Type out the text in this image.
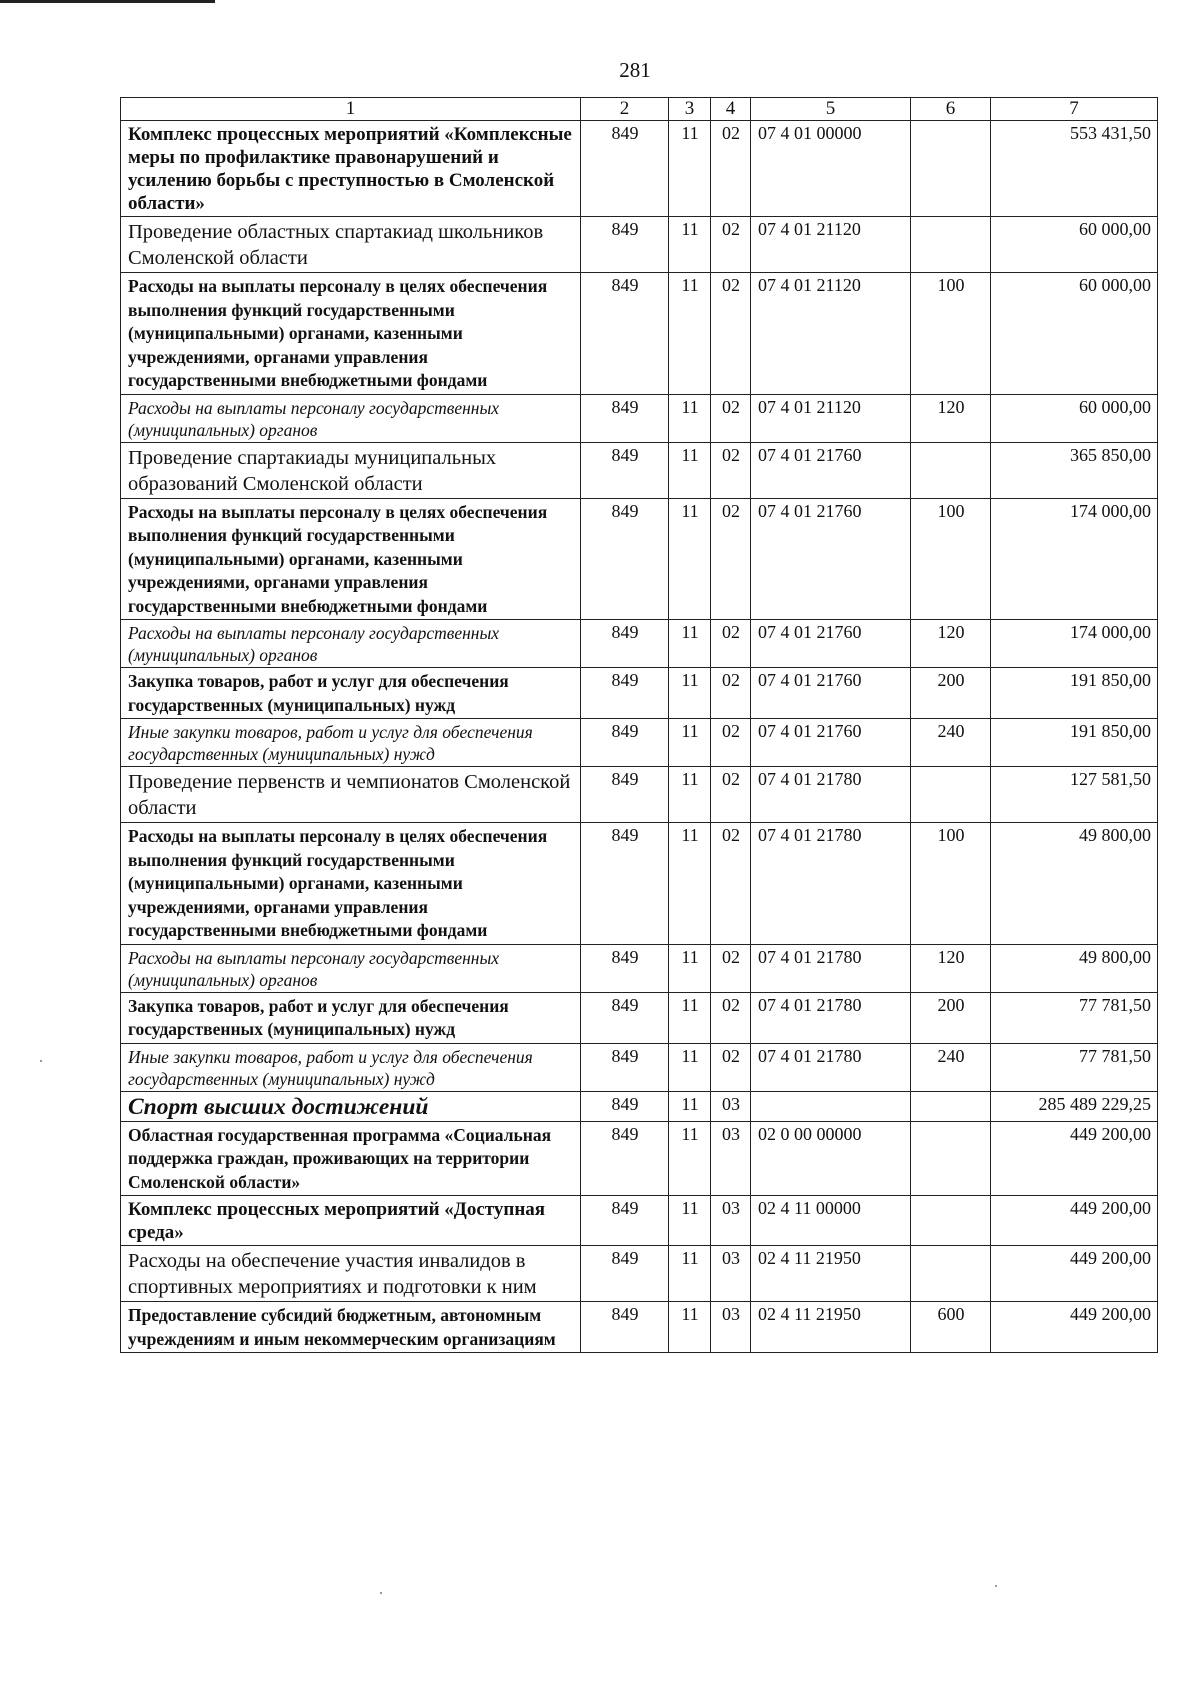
281
1	2	3	4	5	6	7
Комплекс процессных мероприятий «Комплексные меры по профилактике правонарушений и усилению борьбы с преступностью в Смоленской области»	849	11	02	07 4 01 00000		553 431,50
Проведение областных спартакиад школьников Смоленской области	849	11	02	07 4 01 21120		60 000,00
Расходы на выплаты персоналу в целях обеспечения выполнения функций государственными (муниципальными) органами, казенными учреждениями, органами управления государственными внебюджетными фондами	849	11	02	07 4 01 21120	100	60 000,00
Расходы на выплаты персоналу государственных (муниципальных) органов	849	11	02	07 4 01 21120	120	60 000,00
Проведение спартакиады муниципальных образований Смоленской области	849	11	02	07 4 01 21760		365 850,00
Расходы на выплаты персоналу в целях обеспечения выполнения функций государственными (муниципальными) органами, казенными учреждениями, органами управления государственными внебюджетными фондами	849	11	02	07 4 01 21760	100	174 000,00
Расходы на выплаты персоналу государственных (муниципальных) органов	849	11	02	07 4 01 21760	120	174 000,00
Закупка товаров, работ и услуг для обеспечения государственных (муниципальных) нужд	849	11	02	07 4 01 21760	200	191 850,00
Иные закупки товаров, работ и услуг для обеспечения государственных (муниципальных) нужд	849	11	02	07 4 01 21760	240	191 850,00
Проведение первенств и чемпионатов Смоленской области	849	11	02	07 4 01 21780		127 581,50
Расходы на выплаты персоналу в целях обеспечения выполнения функций государственными (муниципальными) органами, казенными учреждениями, органами управления государственными внебюджетными фондами	849	11	02	07 4 01 21780	100	49 800,00
Расходы на выплаты персоналу государственных (муниципальных) органов	849	11	02	07 4 01 21780	120	49 800,00
Закупка товаров, работ и услуг для обеспечения государственных (муниципальных) нужд	849	11	02	07 4 01 21780	200	77 781,50
Иные закупки товаров, работ и услуг для обеспечения государственных (муниципальных) нужд	849	11	02	07 4 01 21780	240	77 781,50
Спорт высших достижений	849	11	03			285 489 229,25
Областная государственная программа «Социальная поддержка граждан, проживающих на территории Смоленской области»	849	11	03	02 0 00 00000		449 200,00
Комплекс процессных мероприятий «Доступная среда»	849	11	03	02 4 11 00000		449 200,00
Расходы на обеспечение участия инвалидов в спортивных мероприятиях и подготовки к ним	849	11	03	02 4 11 21950		449 200,00
Предоставление субсидий бюджетным, автономным учреждениям и иным некоммерческим организациям	849	11	03	02 4 11 21950	600	449 200,00
